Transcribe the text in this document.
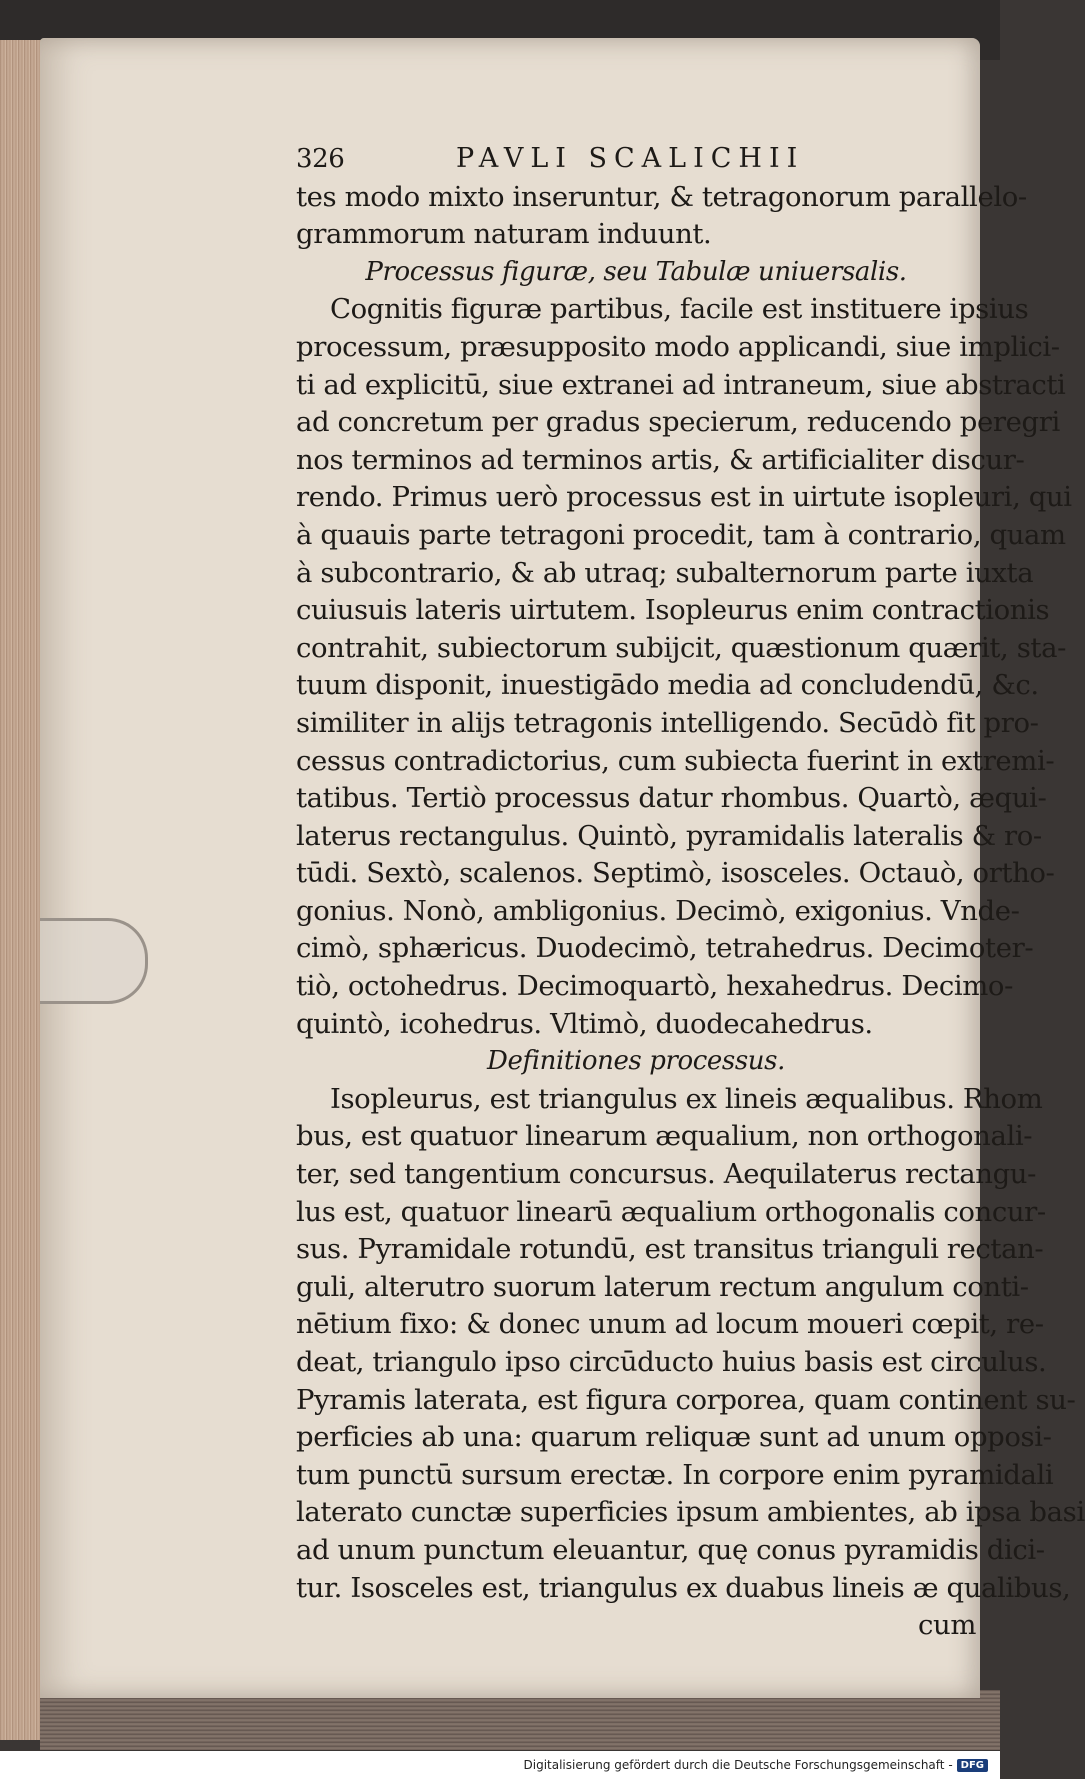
326	PAVLI SCALICHII
tes modo mixto inseruntur, & tetragonorum parallelo-
grammorum naturam induunt.
Processus figuræ, seu Tabulæ uniuersalis.
Cognitis figuræ partibus, facile est instituere ipsius
processum, præsupposito modo applicandi, siue implici-
ti ad explicitū, siue extranei ad intraneum, siue abstracti
ad concretum per gradus specierum, reducendo peregri
nos terminos ad terminos artis, & artificialiter discur-
rendo. Primus uerò processus est in uirtute isopleuri, qui
à quauis parte tetragoni procedit, tam à contrario, quam
à subcontrario, & ab utraq; subalternorum parte iuxta
cuiusuis lateris uirtutem. Isopleurus enim contractionis
contrahit, subiectorum subijcit, quæstionum quærit, sta-
tuum disponit, inuestigādo media ad concludendū, &c.
similiter in alijs tetragonis intelligendo. Secūdò fit pro-
cessus contradictorius, cum subiecta fuerint in extremi-
tatibus. Tertiò processus datur rhombus. Quartò, æqui-
laterus rectangulus. Quintò, pyramidalis lateralis & ro-
tūdi. Sextò, scalenos. Septimò, isosceles. Octauò, ortho-
gonius. Nonò, ambligonius. Decimò, exigonius. Vnde-
cimò, sphæricus. Duodecimò, tetrahedrus. Decimoter-
tiò, octohedrus. Decimoquartò, hexahedrus. Decimo-
quintò, icohedrus. Vltimò, duodecahedrus.
Definitiones processus.
Isopleurus, est triangulus ex lineis æqualibus. Rhom
bus, est quatuor linearum æqualium, non orthogonali-
ter, sed tangentium concursus. Aequilaterus rectangu-
lus est, quatuor linearū æqualium orthogonalis concur-
sus. Pyramidale rotundū, est transitus trianguli rectan-
guli, alterutro suorum laterum rectum angulum conti-
nētium fixo: & donec unum ad locum moueri cœpit, re-
deat, triangulo ipso circūducto huius basis est circulus.
Pyramis laterata, est figura corporea, quam continent su-
perficies ab una: quarum reliquæ sunt ad unum opposi-
tum punctū sursum erectæ. In corpore enim pyramidali
laterato cunctæ superficies ipsum ambientes, ab ipsa basi
ad unum punctum eleuantur, quę conus pyramidis dici-
tur. Isosceles est, triangulus ex duabus lineis æ qualibus,
cum
Digitalisierung gefördert durch die Deutsche Forschungsgemeinschaft - DFG
